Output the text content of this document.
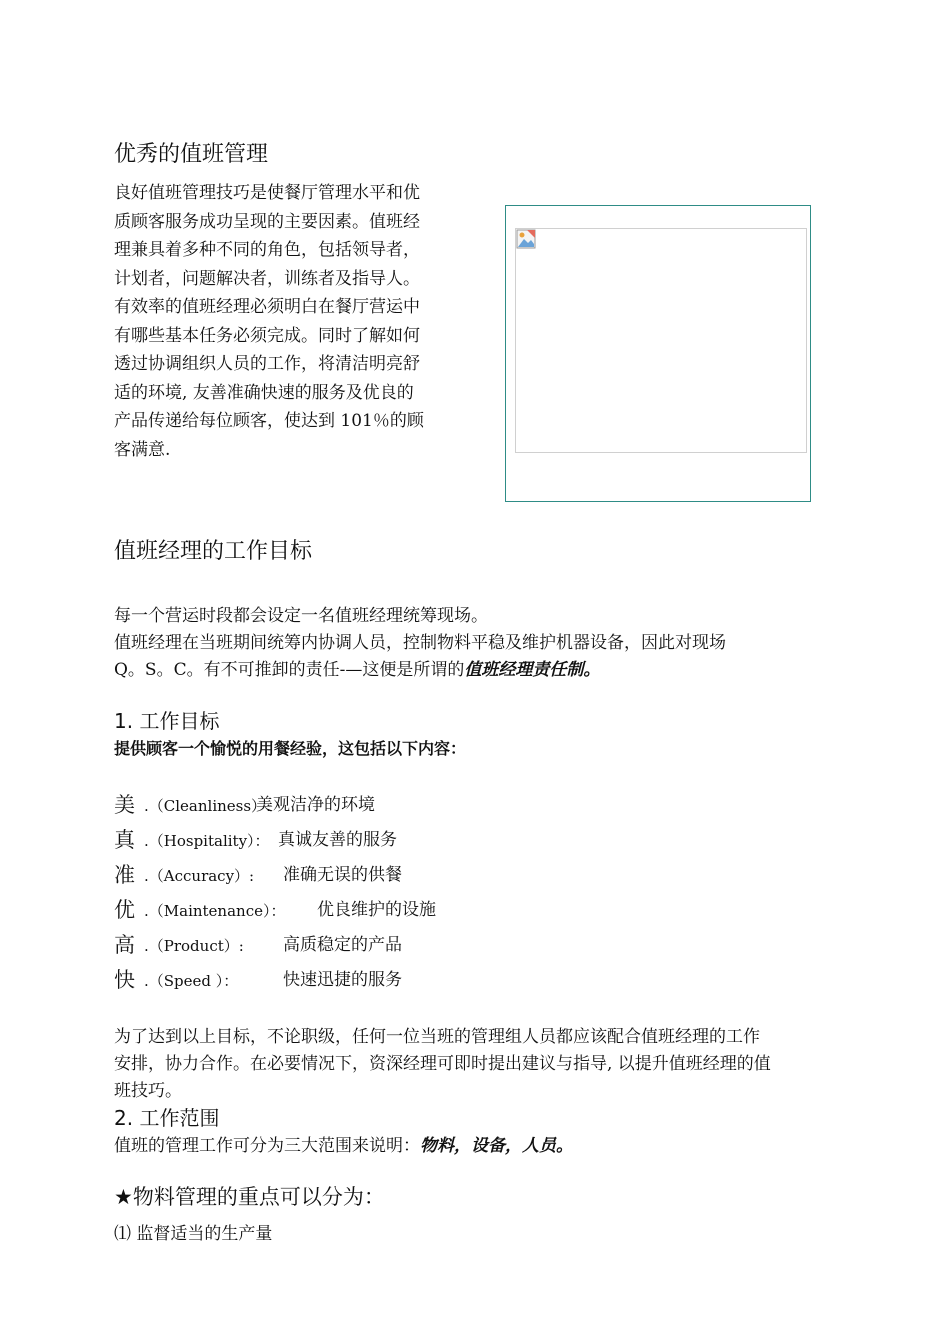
优秀的值班管理

良好值班管理技巧是使餐厅管理水平和优

质顾客服务成功呈现的主要因素。值班经

理兼具着多种不同的角色，包括领导者，

计划者，问题解决者，训练者及指导人。

有效率的值班经理必须明白在餐厅营运中

有哪些基本任务必须完成。同时了解如何

透过协调组织人员的工作，将清洁明亮舒

适的环境, 友善准确快速的服务及优良的

产品传递给每位顾客，使达到 101％的顾

客满意.

值班经理的工作目标
每一个营运时段都会设定一名值班经理统筹现场。
值班经理在当班期间统筹内协调人员，控制物料平稳及维护机器设备，因此对现场
Q。S。C。有不可推卸的责任-—这便是所谓的值班经理责任制。
1. 工作目标
提供顾客一个愉悦的用餐经验，这包括以下内容：
美 .（Cleanliness）:
美观洁净的环境
真 .（Hospitality）： 真诚友善的服务
准 .（Accuracy）: 准确无误的供餐
优 .（Maintenance）： 优良维护的设施
高 .（Product）: 高质稳定的产品
快 .（Speed ）：	快速迅捷的服务
为了达到以上目标，不论职级，任何一位当班的管理组人员都应该配合值班经理的工作
安排，协力合作。在必要情况下，资深经理可即时提出建议与指导, 以提升值班经理的值
班技巧。
2. 工作范围
值班的管理工作可分为三大范围来说明：物料，设备，人员。
★物料管理的重点可以分为：
⑴ 监督适当的生产量
